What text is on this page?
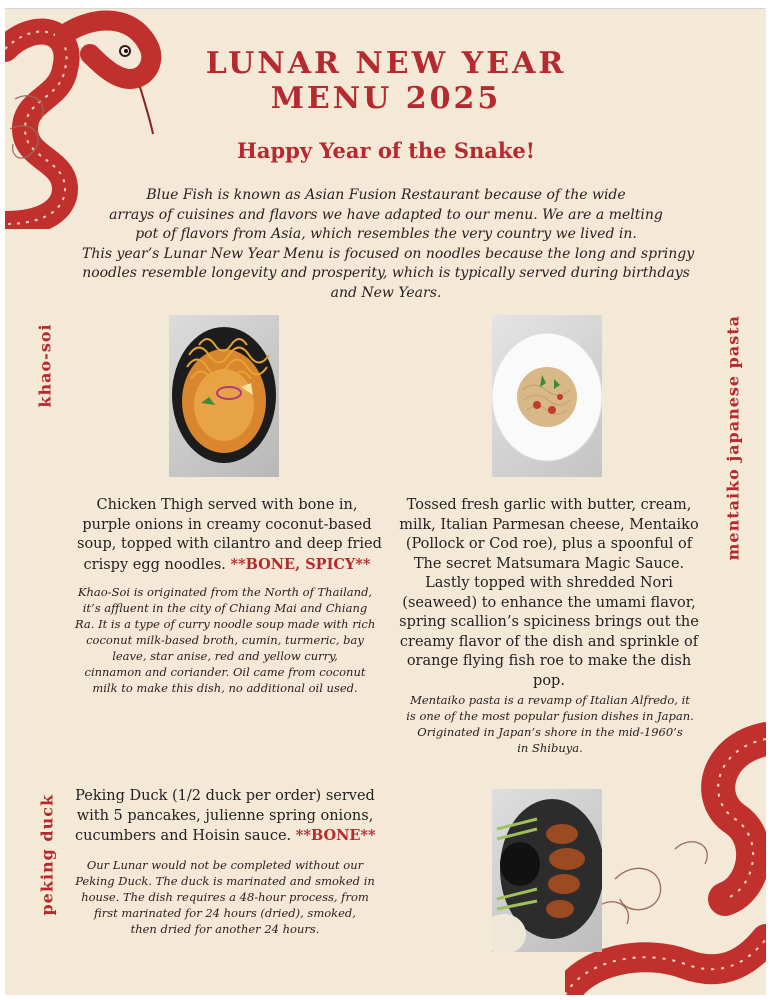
LUNAR NEW YEAR
MENU 2025
Happy Year of the Snake!
Blue Fish is known as Asian Fusion Restaurant because of the wide
arrays of cuisines and flavors we have adapted to our menu. We are a melting
pot of flavors from Asia, which resembles the very country we lived in.
This year’s Lunar New Year Menu is focused on noodles because the long and springy
noodles resemble longevity and prosperity, which is typically served during birthdays
and New Years.
khao-soi	mentaiko japanese pasta
peking duck
Chicken Thigh served with bone in,
purple onions in creamy coconut-based
soup, topped with cilantro and deep fried
crispy egg noodles. **BONE, SPICY**
Khao-Soi is originated from the North of Thailand,
it’s affluent in the city of Chiang Mai and Chiang
Ra. It is a type of curry noodle soup made with rich
coconut milk-based broth, cumin, turmeric, bay
leave, star anise, red and yellow curry,
cinnamon and coriander. Oil came from coconut
milk to make this dish, no additional oil used.
Tossed fresh garlic with butter, cream,
milk, Italian Parmesan cheese, Mentaiko
(Pollock or Cod roe), plus a spoonful of
The secret Matsumara Magic Sauce.
Lastly topped with shredded Nori
(seaweed) to enhance the umami flavor,
spring scallion’s spiciness brings out the
creamy flavor of the dish and sprinkle of
orange flying fish roe to make the dish
pop.
Mentaiko pasta is a revamp of Italian Alfredo, it
is one of the most popular fusion dishes in Japan.
Originated in Japan’s shore in the mid-1960’s
in Shibuya.
Peking Duck (1/2 duck per order) served
with 5 pancakes, julienne spring onions,
cucumbers and Hoisin sauce. **BONE**
Our Lunar would not be completed without our
Peking Duck. The duck is marinated and smoked in
house. The dish requires a 48-hour process, from
first marinated for 24 hours (dried), smoked,
then dried for another 24 hours.
